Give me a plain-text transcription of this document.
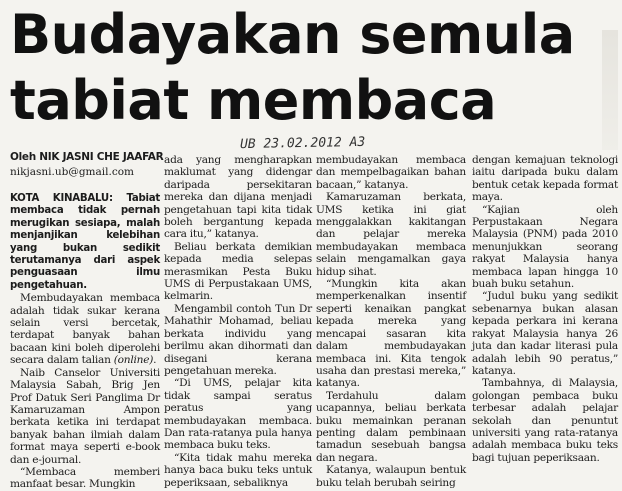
Budayakan semula
tabiat membaca
UB 23.02.2012 A3
Oleh NIK JASNI CHE JAAFAR
nikjasni.ub@gmail.com

KOTA KINABALU: Tabiat membaca tidak pernah merugikan sesiapa, malah menjanjikan kelebihan yang bukan sedikit terutamanya dari aspek penguasaan ilmu pengetahuan.

Membudayakan membaca adalah tidak sukar kerana selain versi bercetak, terdapat banyak bahan bacaan kini boleh diperolehi secara dalam talian (online).

Naib Canselor Universiti Malaysia Sabah, Brig Jen Prof Datuk Seri Panglima Dr Kamaruzaman Ampon berkata ketika ini terdapat banyak bahan ilmiah dalam format maya seperti e-book dan e-journal.

“Membaca memberi manfaat besar. Mungkin

ada yang mengharapkan maklumat yang didengar daripada persekitaran mereka dan dijana menjadi pengetahuan tapi kita tidak boleh bergantung kepada cara itu,” katanya.

Beliau berkata demikian kepada media selepas merasmikan Pesta Buku UMS di Perpustakaan UMS, kelmarin.

Mengambil contoh Tun Dr Mahathir Mohamad, beliau berkata individu yang berilmu akan dihormati dan disegani kerana pengetahuan mereka.

“Di UMS, pelajar kita tidak sampai seratus peratus yang membudayakan membaca. Dan rata-ratanya pula hanya membaca buku teks.

“Kita tidak mahu mereka hanya baca buku teks untuk peperiksaan, sebaliknya

membudayakan membaca dan mempelbagaikan bahan bacaan,” katanya.

Kamaruzaman berkata, UMS ketika ini giat menggalakkan kakitangan dan pelajar mereka membudayakan membaca selain mengamalkan gaya hidup sihat.

“Mungkin kita akan memperkenalkan insentif seperti kenaikan pangkat kepada mereka yang mencapai sasaran kita dalam membudayakan membaca ini. Kita tengok usaha dan prestasi mereka,” katanya.

Terdahulu dalam ucapannya, beliau berkata buku memainkan peranan penting dalam pembinaan tamadun sesebuah bangsa dan negara.

Katanya, walaupun bentuk buku telah berubah seiring

dengan kemajuan teknologi iaitu daripada buku dalam bentuk cetak kepada format maya.

“Kajian oleh Perpustakaan Negara Malaysia (PNM) pada 2010 menunjukkan seorang rakyat Malaysia hanya membaca lapan hingga 10 buah buku setahun.

“Judul buku yang sedikit sebenarnya bukan alasan kepada perkara ini kerana rakyat Malaysia hanya 26 juta dan kadar literasi pula adalah lebih 90 peratus,” katanya.

Tambahnya, di Malaysia, golongan pembaca buku terbesar adalah pelajar sekolah dan penuntut universiti yang rata-ratanya adalah membaca buku teks bagi tujuan peperiksaan.
